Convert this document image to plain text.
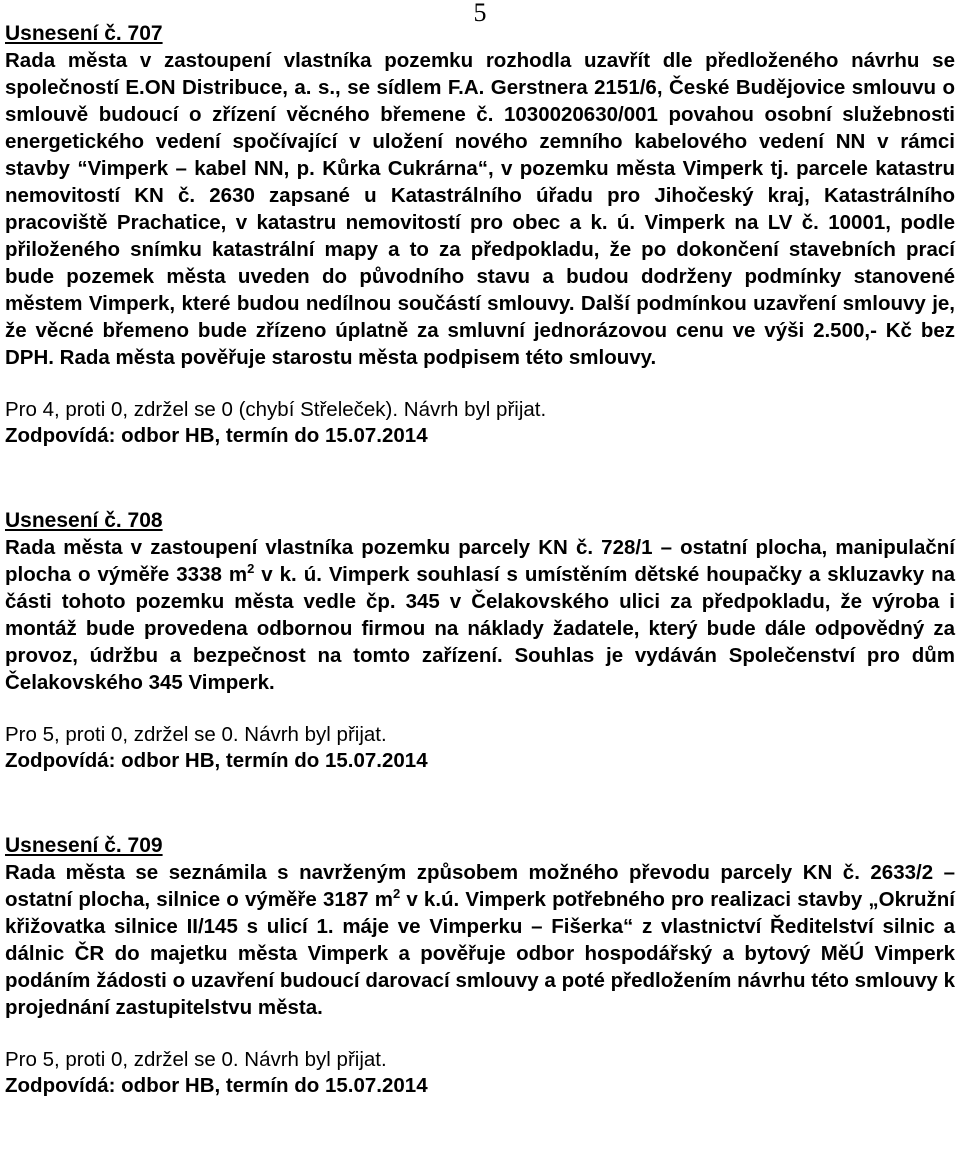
5
Usnesení č. 707

Rada města v zastoupení vlastníka pozemku rozhodla uzavřít dle předloženého návrhu se společností E.ON Distribuce, a. s., se sídlem F.A. Gerstnera 2151/6, České Budějovice smlouvu o smlouvě budoucí o zřízení věcného břemene č. 1030020630/001 povahou osobní služebnosti energetického vedení spočívající v uložení nového zemního kabelového vedení NN v rámci stavby “Vimperk – kabel NN, p. Kůrka Cukrárna“, v pozemku města Vimperk tj. parcele katastru nemovitostí KN č. 2630 zapsané u Katastrálního úřadu pro Jihočeský kraj, Katastrálního pracoviště Prachatice, v katastru nemovitostí pro obec a k. ú. Vimperk na LV č. 10001, podle přiloženého snímku katastrální mapy a to za předpokladu, že po dokončení stavebních prací bude pozemek města uveden do původního stavu a budou dodrženy podmínky stanovené městem Vimperk, které budou nedílnou součástí smlouvy. Další podmínkou uzavření smlouvy je, že věcné břemeno bude zřízeno úplatně za smluvní jednorázovou cenu ve výši 2.500,- Kč bez DPH. Rada města pověřuje starostu města podpisem této smlouvy.

Pro 4, proti 0, zdržel se 0 (chybí Střeleček). Návrh byl přijat.

Zodpovídá: odbor HB, termín do 15.07.2014

Usnesení č. 708

Rada města v zastoupení vlastníka pozemku parcely KN č. 728/1 – ostatní plocha, manipulační plocha o výměře 3338 $m^2$ v k. ú. Vimperk souhlasí s umístěním dětské houpačky a skluzavky na části tohoto pozemku města vedle čp. 345 v Čelakovského ulici za předpokladu, že výroba i montáž bude provedena odbornou firmou na náklady žadatele, který bude dále odpovědný za provoz, údržbu a bezpečnost na tomto zařízení. Souhlas je vydáván Společenství pro dům Čelakovského 345 Vimperk.

Pro 5, proti 0, zdržel se 0. Návrh byl přijat.

Zodpovídá: odbor HB, termín do 15.07.2014

Usnesení č. 709

Rada města se seznámila s navrženým způsobem možného převodu parcely KN č. 2633/2 – ostatní plocha, silnice o výměře 3187 $m^2$ v k.ú. Vimperk potřebného pro realizaci stavby „Okružní křižovatka silnice II/145 s ulicí 1. máje ve Vimperku – Fišerka“ z vlastnictví Ředitelství silnic a dálnic ČR do majetku města Vimperk a pověřuje odbor hospodářský a bytový MěÚ Vimperk podáním žádosti o uzavření budoucí darovací smlouvy a poté předložením návrhu této smlouvy k projednání zastupitelstvu města.

Pro 5, proti 0, zdržel se 0. Návrh byl přijat.

Zodpovídá: odbor HB, termín do 15.07.2014
